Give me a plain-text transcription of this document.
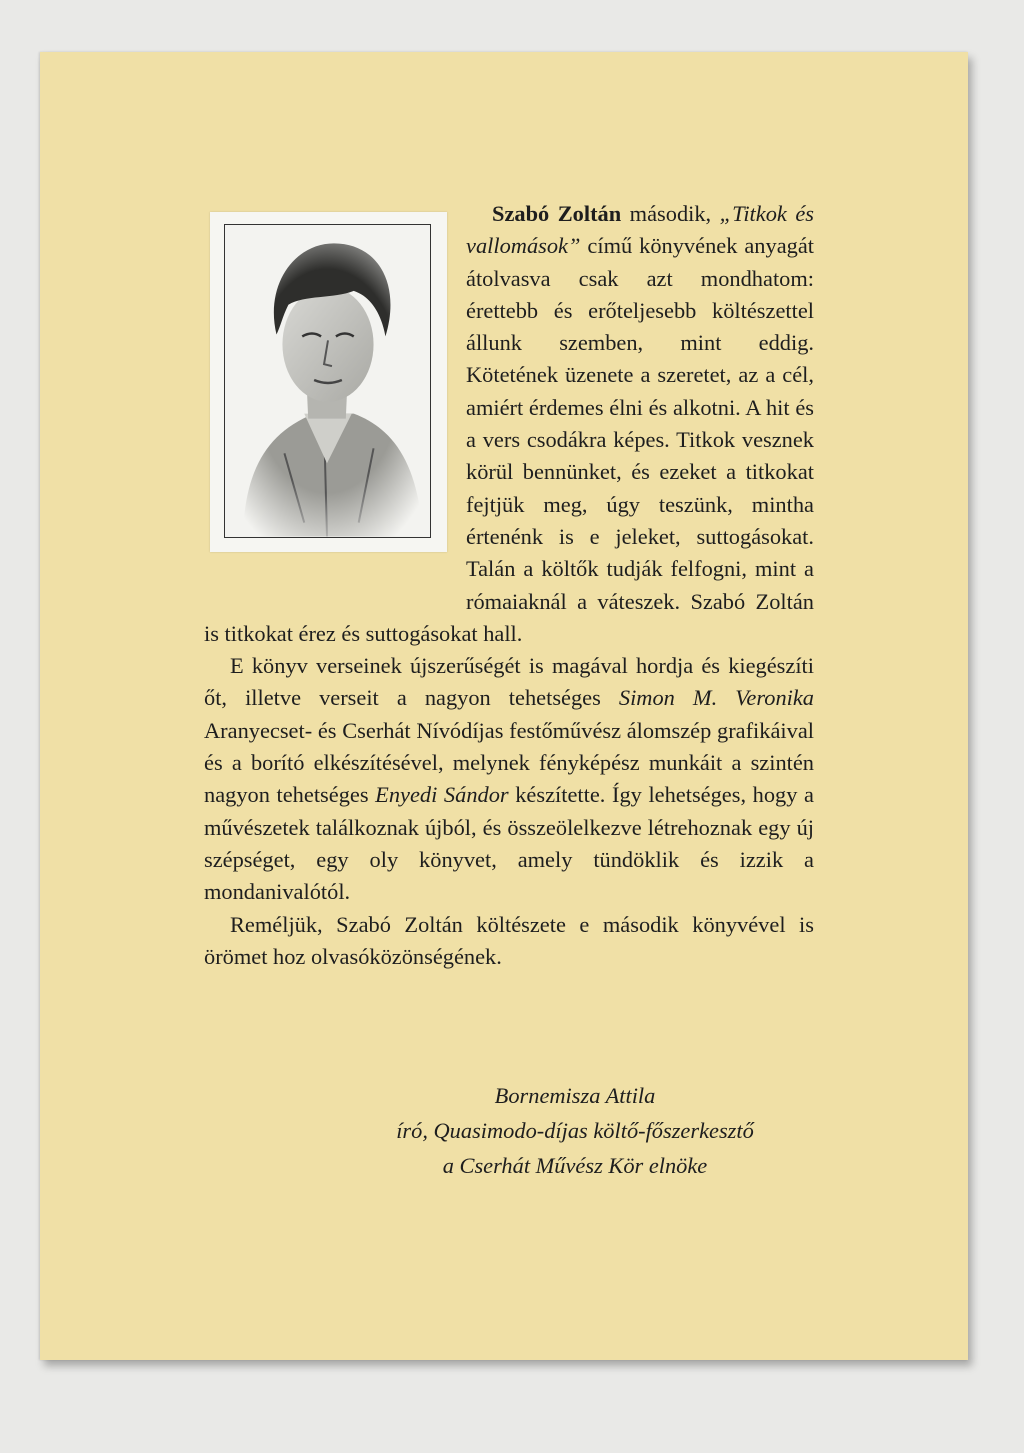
Szabó Zoltán második, „Titkok és vallomások” című könyvének anyagát átolvasva csak azt mondhatom: érettebb és erőteljesebb költészettel állunk szemben, mint eddig. Kötetének üzenete a szeretet, az a cél, amiért érdemes élni és alkotni. A hit és a vers csodákra képes. Titkok vesznek körül bennünket, és ezeket a titkokat fejtjük meg, úgy teszünk, mintha értenénk is e jeleket, suttogásokat. Talán a költők tudják felfogni, mint a rómaiaknál a váteszek. Szabó Zoltán is titkokat érez és suttogásokat hall.

E könyv verseinek újszerűségét is magával hordja és kiegészíti őt, illetve verseit a nagyon tehetséges Simon M. Veronika Aranyecset- és Cserhát Nívódíjas festőművész álomszép grafikáival és a borító elkészítésével, melynek fényképész munkáit a szintén nagyon tehetséges Enyedi Sándor készítette. Így lehetséges, hogy a művészetek találkoznak újból, és összeölelkezve létrehoznak egy új szépséget, egy oly könyvet, amely tündöklik és izzik a mondanivalótól.

Reméljük, Szabó Zoltán költészete e második könyvével is örömet hoz olvasóközönségének.

Bornemisza Attila
író, Quasimodo-díjas költő-főszerkesztő
a Cserhát Művész Kör elnöke
